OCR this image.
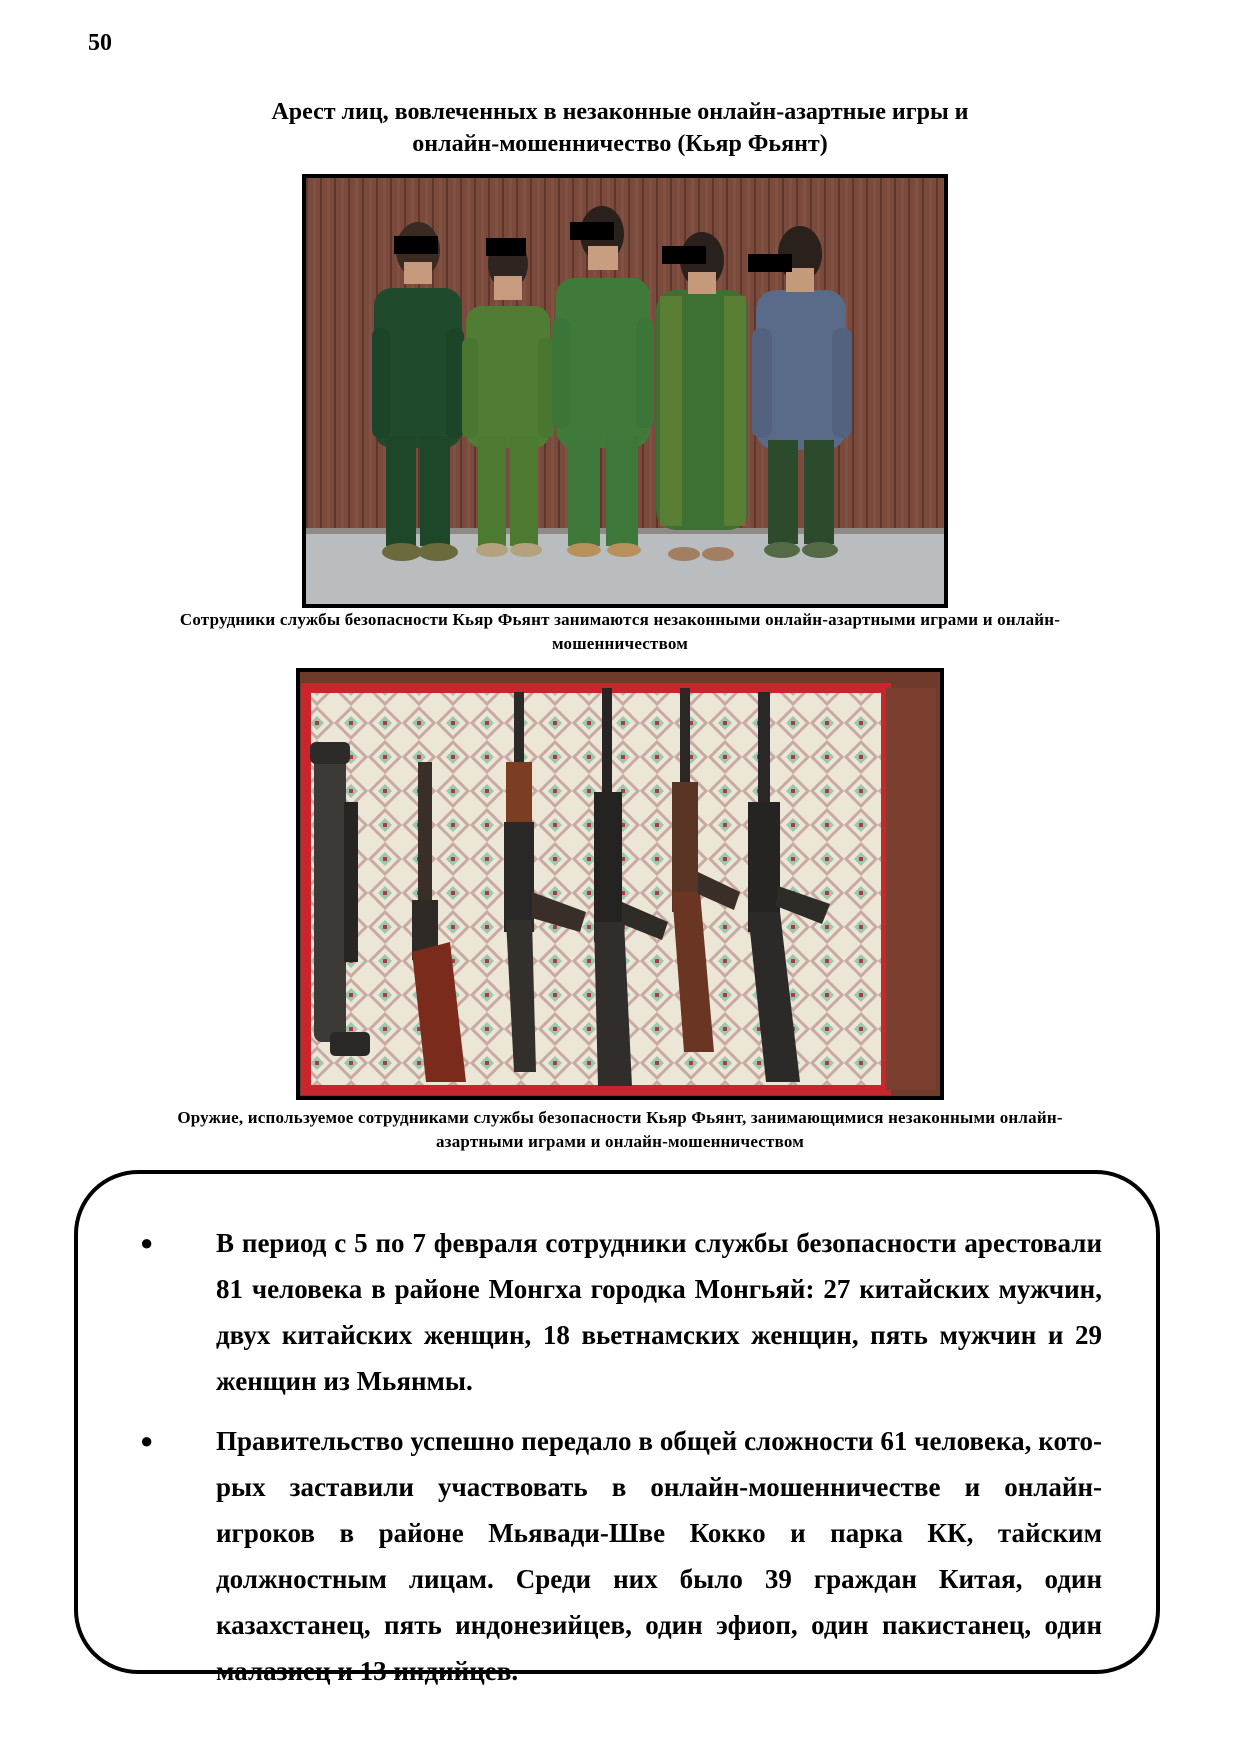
50
Арест лиц, вовлеченных в незаконные онлайн-азартные игры и
онлайн-мошенничество (Кьяр Фьянт)
Сотрудники службы безопасности Кьяр Фьянт занимаются незаконными онлайн-азартными играми и онлайн-
мошенничеством
Оружие, используемое сотрудниками службы безопасности Кьяр Фьянт, занимающимися незаконными онлайн-
азартными играми и онлайн-мошенничеством
● В период с 5 по 7 февраля сотрудники службы безопасности арестовали 81 человека в районе Монгха городка Монгьяй: 27 китайских мужчин, двух китайских женщин, 18 вьетнамских женщин, пять мужчин и 29 женщин из Мьянмы.
● Правительство успешно передало в общей сложности 61 человека, кото-рых заставили участвовать в онлайн-мошенничестве и онлайн- игроков в районе Мьявади-Шве Кокко и парка КК, тайским должностным лицам. Среди них было 39 граждан Китая, один казахстанец, пять индонезийцев, один эфиоп, один пакистанец, один малазиец и 13 индийцев.
